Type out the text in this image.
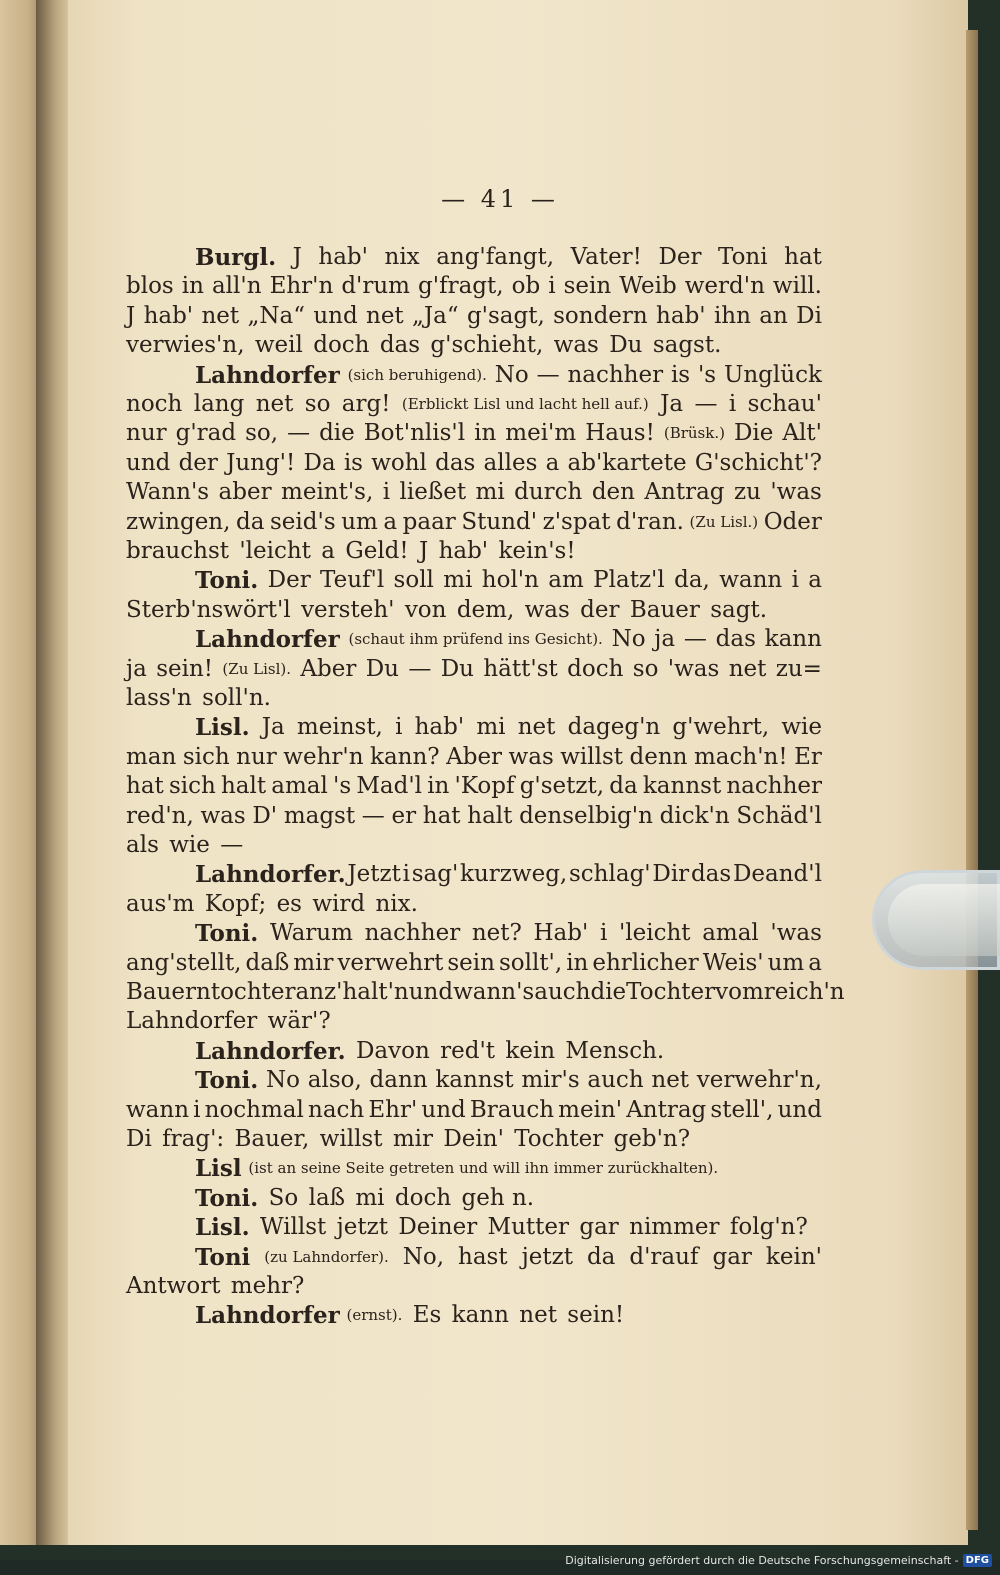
— 41 —
Burgl. J hab' nix ang'fangt, Vater! Der Toni hat
blos in all'n Ehr'n d'rum g'fragt, ob i sein Weib werd'n will.
J hab' net „Na“ und net „Ja“ g'sagt, sondern hab' ihn an Di
verwies'n, weil doch das g'schieht, was Du sagst.
Lahndorfer (sich beruhigend). No — nachher is 's Unglück
noch lang net so arg! (Erblickt Lisl und lacht hell auf.) Ja — i schau'
nur g'rad so, — die Bot'nlis'l in mei'm Haus! (Brüsk.) Die Alt'
und der Jung'! Da is wohl das alles a ab'kartete G'schicht'?
Wann's aber meint's, i ließet mi durch den Antrag zu 'was
zwingen, da seid's um a paar Stund' z'spat d'ran. (Zu Lisl.) Oder
brauchst 'leicht a Geld! J hab' kein's!
Toni. Der Teuf'l soll mi hol'n am Platz'l da, wann i a
Sterb'nswört'l versteh' von dem, was der Bauer sagt.
Lahndorfer (schaut ihm prüfend ins Gesicht). No ja — das kann
ja sein! (Zu Lisl). Aber Du — Du hätt'st doch so 'was net zu=
lass'n soll'n.
Lisl. Ja meinst, i hab' mi net dageg'n g'wehrt, wie
man sich nur wehr'n kann? Aber was willst denn mach'n! Er
hat sich halt amal 's Mad'l in 'Kopf g'setzt, da kannst nachher
red'n, was D' magst — er hat halt denselbig'n dick'n Schäd'l
als wie —
Lahndorfer. Jetzt i sag' kurzweg, schlag' Dir das Deand'l
aus'm Kopf; es wird nix.
Toni. Warum nachher net? Hab' i 'leicht amal 'was
ang'stellt, daß mir verwehrt sein sollt', in ehrlicher Weis' um a
Bauerntochter anz'halt'n und wann's auch die Tochter vom reich'n
Lahndorfer wär'?
Lahndorfer. Davon red't kein Mensch.
Toni. No also, dann kannst mir's auch net verwehr'n,
wann i nochmal nach Ehr' und Brauch mein' Antrag stell', und
Di frag': Bauer, willst mir Dein' Tochter geb'n?
Lisl (ist an seine Seite getreten und will ihn immer zurückhalten).
Toni. So laß mi doch geh n.
Lisl. Willst jetzt Deiner Mutter gar nimmer folg'n?
Toni (zu Lahndorfer). No, hast jetzt da d'rauf gar kein'
Antwort mehr?
Lahndorfer (ernst). Es kann net sein!
Digitalisierung gefördert durch die Deutsche Forschungsgemeinschaft - DFG
